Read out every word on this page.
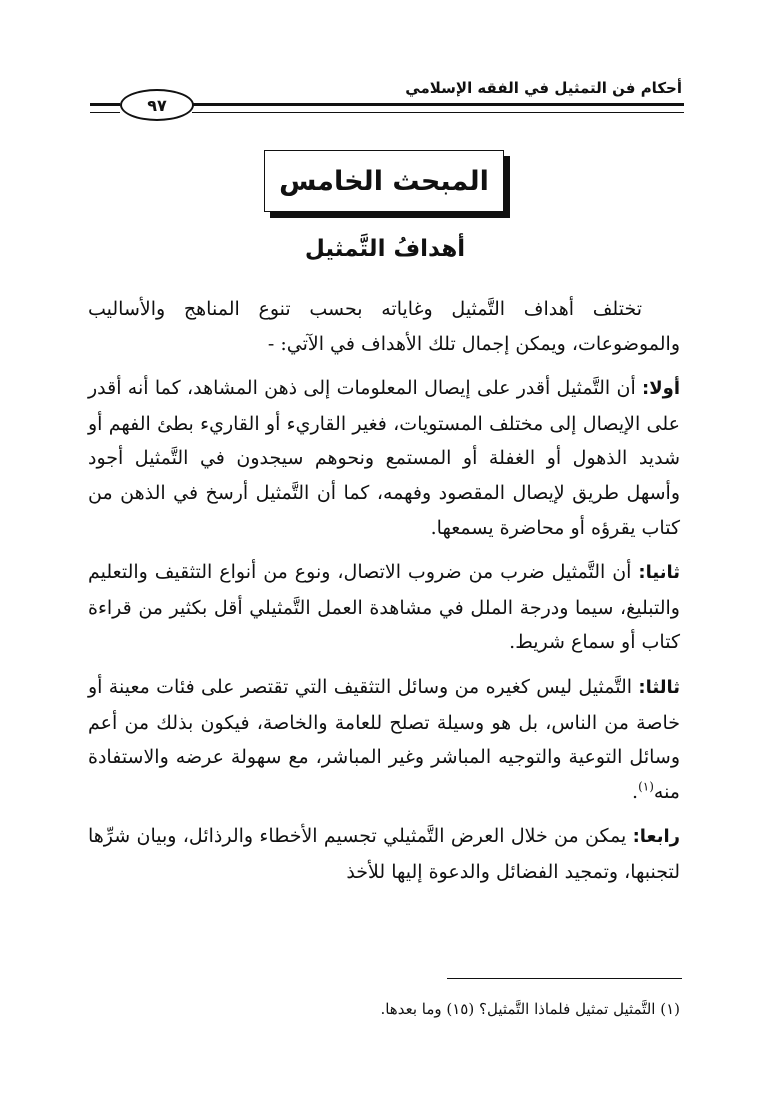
أحكام فن التمثيل في الفقه الإسلامي
٩٧
المبحث الخامس
أهدافُ التَّمثيل

تختلف أهداف التَّمثيل وغاياته بحسب تنوع المناهج والأساليب والموضوعات، ويمكن إجمال تلك الأهداف في الآتي: -

أولا: أن التَّمثيل أقدر على إيصال المعلومات إلى ذهن المشاهد، كما أنه أقدر على الإيصال إلى مختلف المستويات، فغير القاريء أو القاريء بطئ الفهم أو شديد الذهول أو الغفلة أو المستمع ونحوهم سيجدون في التَّمثيل أجود وأسهل طريق لإيصال المقصود وفهمه، كما أن التَّمثيل أرسخ في الذهن من كتاب يقرؤه أو محاضرة يسمعها.

ثانيا: أن التَّمثيل ضرب من ضروب الاتصال، ونوع من أنواع التثقيف والتعليم والتبليغ، سيما ودرجة الملل في مشاهدة العمل التَّمثيلي أقل بكثير من قراءة كتاب أو سماع شريط.

ثالثا: التَّمثيل ليس كغيره من وسائل التثقيف التي تقتصر على فئات معينة أو خاصة من الناس، بل هو وسيلة تصلح للعامة والخاصة، فيكون بذلك من أعم وسائل التوعية والتوجيه المباشر وغير المباشر، مع سهولة عرضه والاستفادة منه$^{(١)}$.

رابعا: يمكن من خلال العرض التَّمثيلي تجسيم الأخطاء والرذائل، وبيان شرِّها لتجنبها، وتمجيد الفضائل والدعوة إليها للأخذ

(١) التَّمثيل تمثيل فلماذا التَّمثيل؟ (١٥) وما بعدها.
